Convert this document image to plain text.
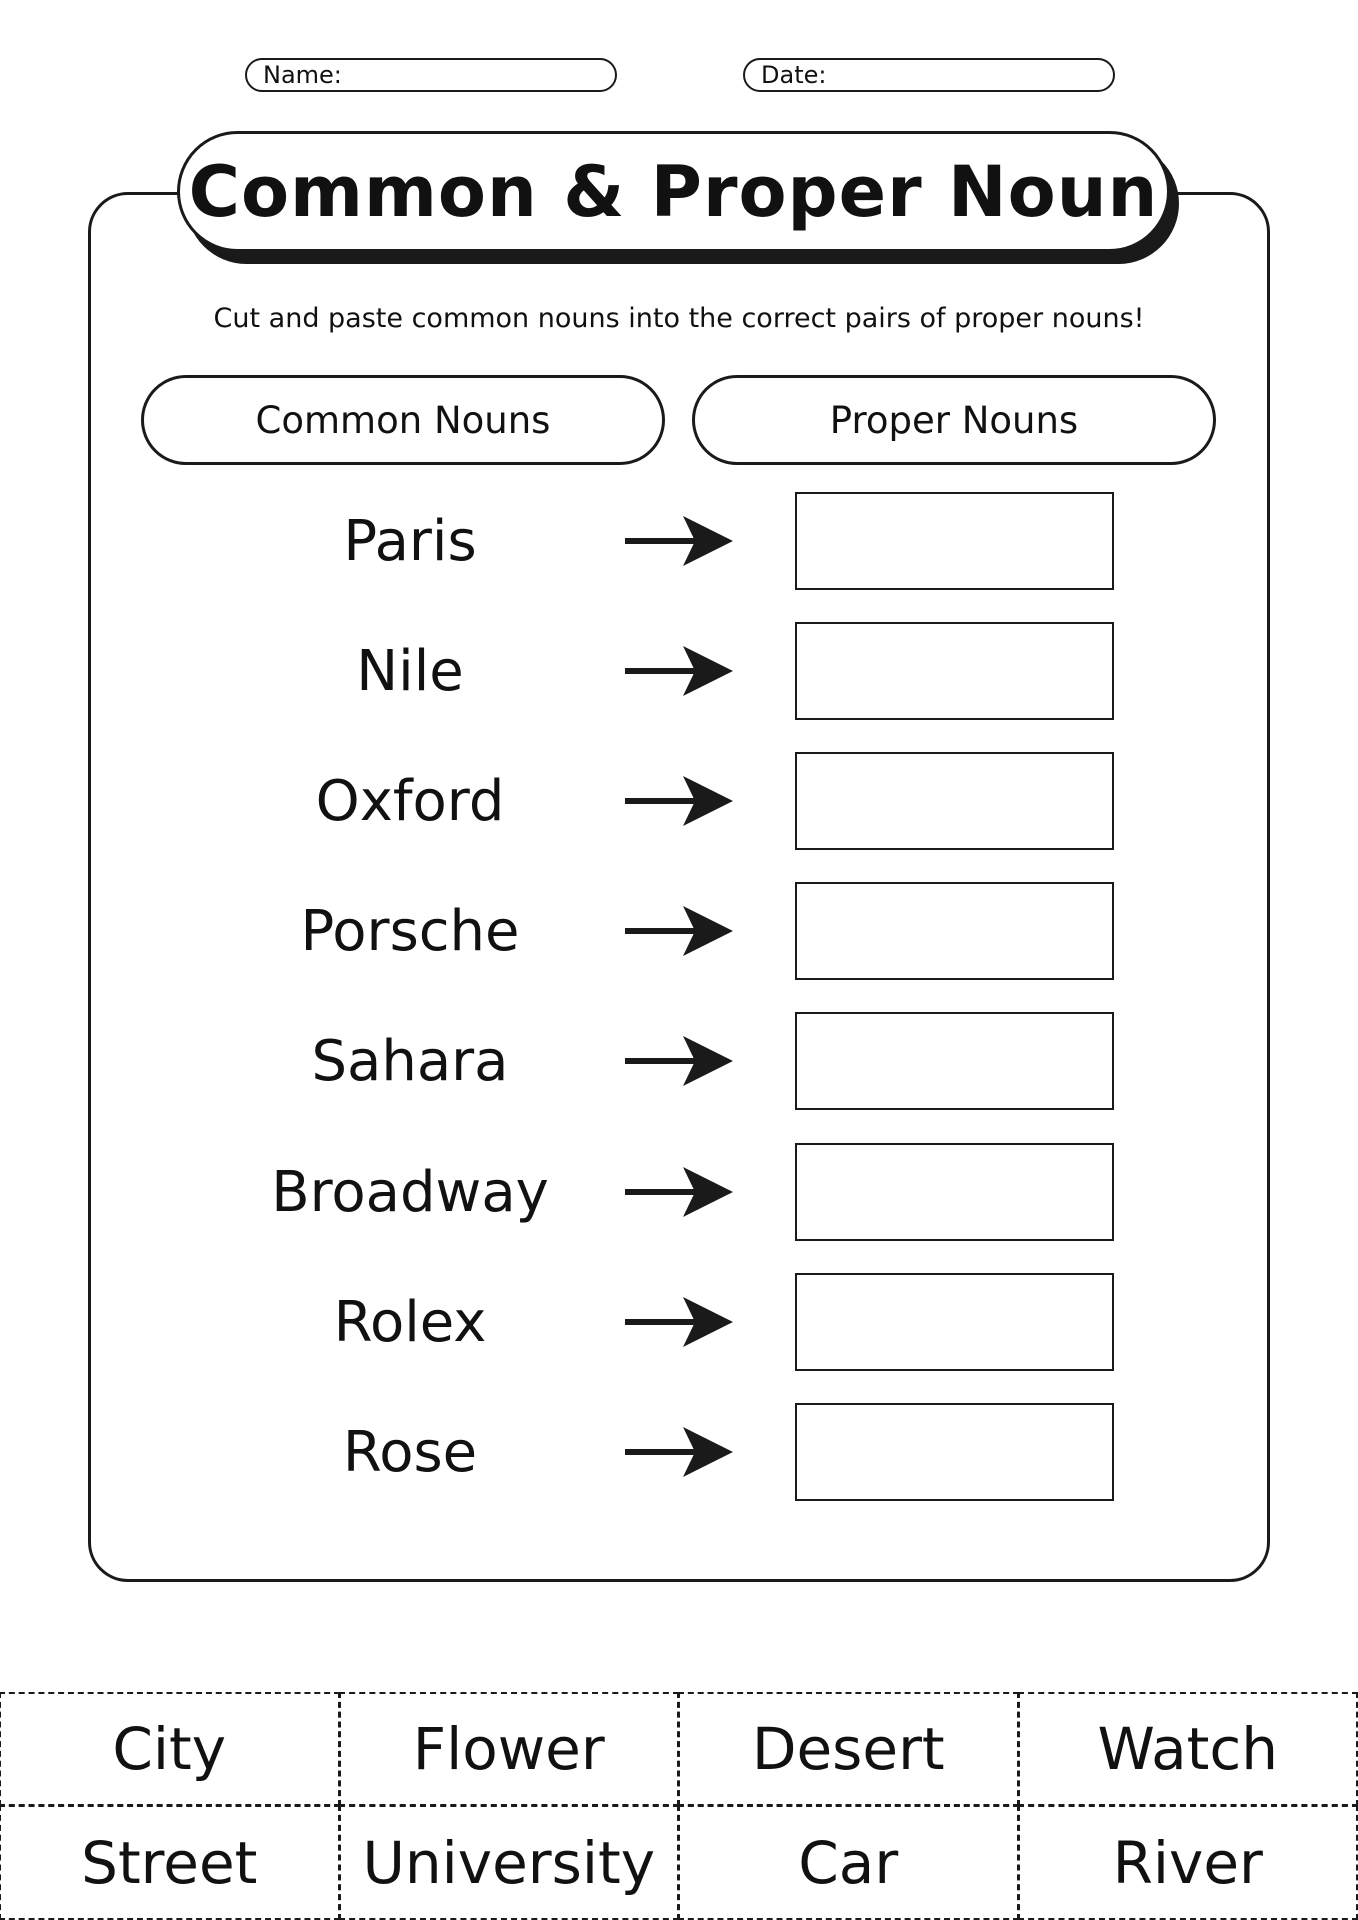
Name:	Date:
Common & Proper Noun
Cut and paste common nouns into the correct pairs of proper nouns!
Common Nouns	Proper Nouns
Paris
Nile
Oxford
Porsche
Sahara
Broadway
Rolex
Rose
City	Flower	Desert	Watch
Street	University	Car	River
